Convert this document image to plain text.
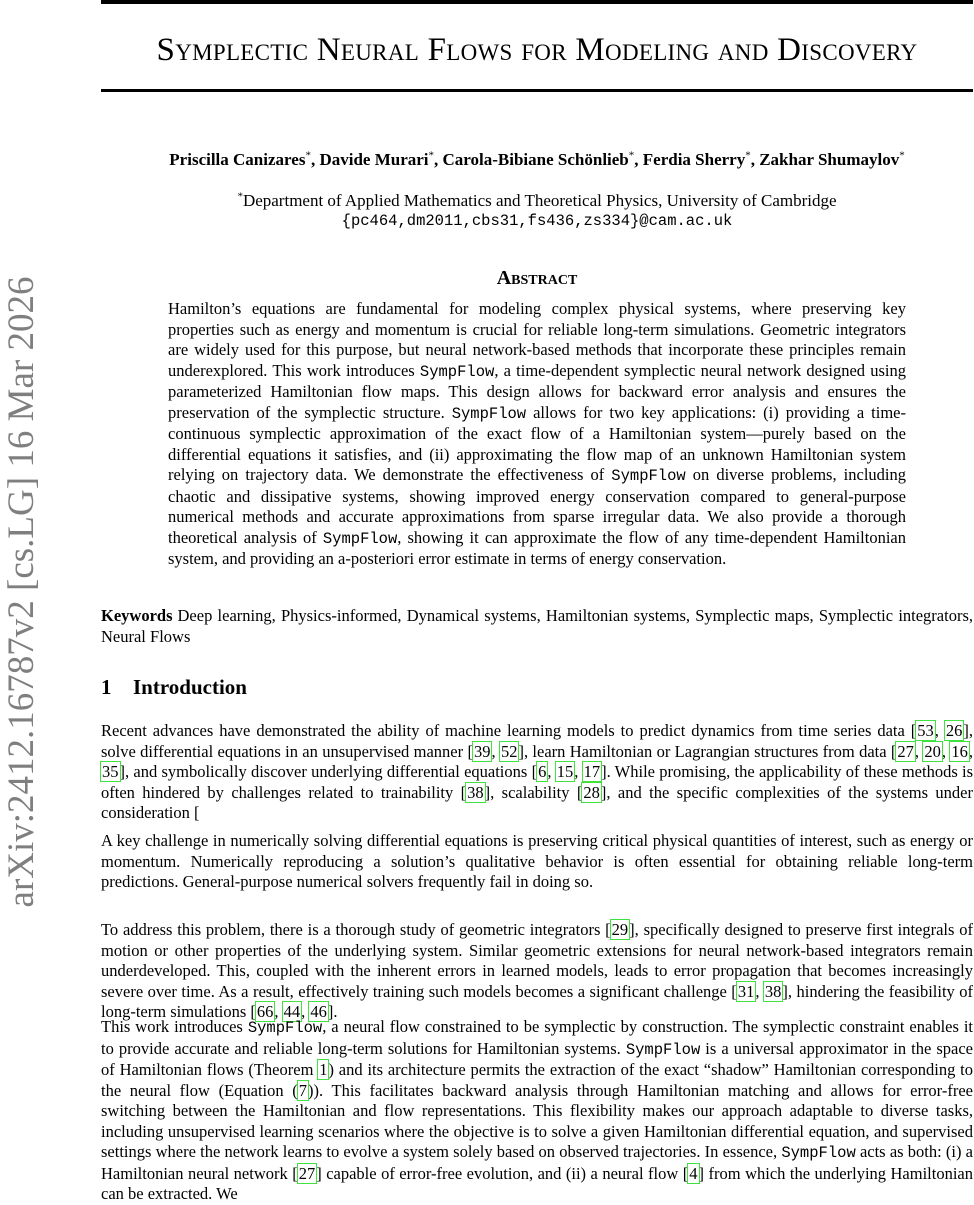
arXiv:2412.16787v2 [cs.LG] 16 Mar 2026
Symplectic Neural Flows for Modeling and Discovery
Priscilla Canizares*, Davide Murari*, Carola-Bibiane Schönlieb*, Ferdia Sherry*, Zakhar Shumaylov*
*Department of Applied Mathematics and Theoretical Physics, University of Cambridge
{pc464,dm2011,cbs31,fs436,zs334}@cam.ac.uk
Abstract
Hamilton’s equations are fundamental for modeling complex physical systems, where preserving key properties such as energy and momentum is crucial for reliable long-term simulations. Geometric integrators are widely used for this purpose, but neural network-based methods that incorporate these principles remain underexplored. This work introduces SympFlow, a time-dependent symplectic neural network designed using parameterized Hamiltonian flow maps. This design allows for backward error analysis and ensures the preservation of the symplectic structure. SympFlow allows for two key applications: (i) providing a time-continuous symplectic approximation of the exact flow of a Hamiltonian system—purely based on the differential equations it satisfies, and (ii) approximating the flow map of an unknown Hamiltonian system relying on trajectory data. We demonstrate the effectiveness of SympFlow on diverse problems, including chaotic and dissipative systems, showing improved energy conservation compared to general-purpose numerical methods and accurate approximations from sparse irregular data. We also provide a thorough theoretical analysis of SympFlow, showing it can approximate the flow of any time-dependent Hamiltonian system, and providing an a-posteriori error estimate in terms of energy conservation.
Keywords Deep learning, Physics-informed, Dynamical systems, Hamiltonian systems, Symplectic maps, Symplectic integrators, Neural Flows
1 Introduction
Recent advances have demonstrated the ability of machine learning models to predict dynamics from time series data [53, 26], solve differential equations in an unsupervised manner [39, 52], learn Hamiltonian or Lagrangian structures from data [27, 20, 16, 35], and symbolically discover underlying differential equations [6, 15, 17]. While promising, the applicability of these methods is often hindered by challenges related to trainability [38], scalability [28], and the specific complexities of the systems under consideration [
A key challenge in numerically solving differential equations is preserving critical physical quantities of interest, such as energy or momentum. Numerically reproducing a solution’s qualitative behavior is often essential for obtaining reliable long-term predictions. General-purpose numerical solvers frequently fail in doing so.
To address this problem, there is a thorough study of geometric integrators [29], specifically designed to preserve first integrals of motion or other properties of the underlying system. Similar geometric extensions for neural network-based integrators remain underdeveloped. This, coupled with the inherent errors in learned models, leads to error propagation that becomes increasingly severe over time. As a result, effectively training such models becomes a significant challenge [31, 38], hindering the feasibility of long-term simulations [66, 44, 46].
This work introduces SympFlow, a neural flow constrained to be symplectic by construction. The symplectic constraint enables it to provide accurate and reliable long-term solutions for Hamiltonian systems. SympFlow is a universal approximator in the space of Hamiltonian flows (Theorem 1) and its architecture permits the extraction of the exact “shadow” Hamiltonian corresponding to the neural flow (Equation (7)). This facilitates backward analysis through Hamiltonian matching and allows for error-free switching between the Hamiltonian and flow representations. This flexibility makes our approach adaptable to diverse tasks, including unsupervised learning scenarios where the objective is to solve a given Hamiltonian differential equation, and supervised settings where the network learns to evolve a system solely based on observed trajectories. In essence, SympFlow acts as both: (i) a Hamiltonian neural network [27] capable of error-free evolution, and (ii) a neural flow [4] from which the underlying Hamiltonian can be extracted. We
